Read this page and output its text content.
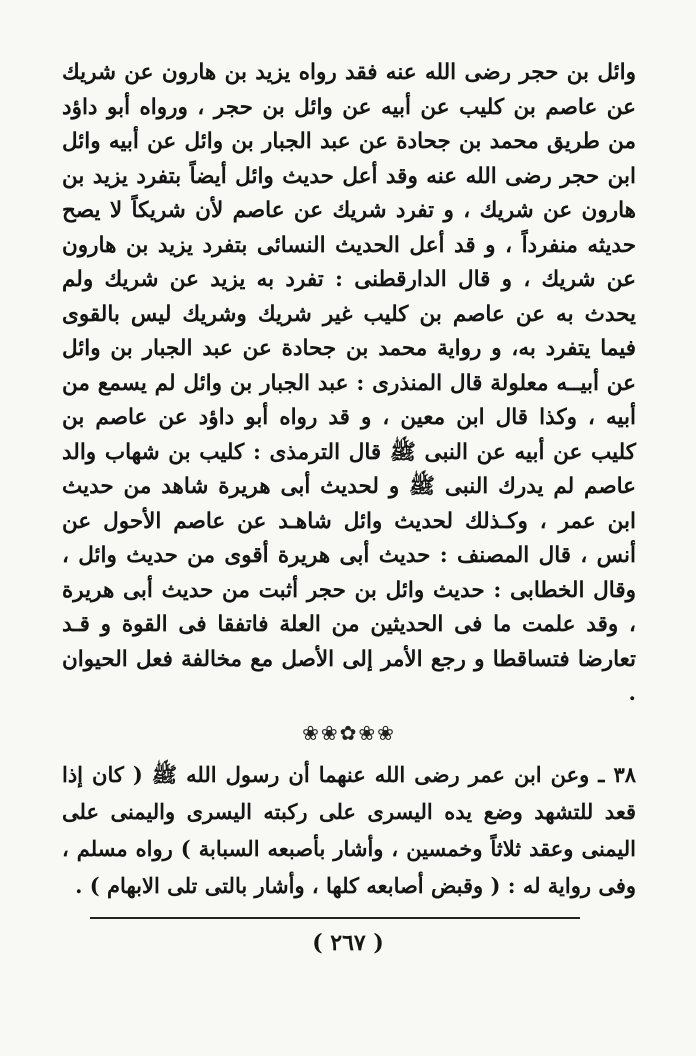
وائل بن حجر رضى الله عنه فقد رواه يزيد بن هارون عن شريك عن عاصم بن كليب عن أبيه عن وائل بن حجر ، ورواه أبو داؤد من طريق محمد بن جحادة عن عبد الجبار بن وائل عن أبيه وائل ابن حجر رضى الله عنه وقد أعل حديث وائل أيضاً بتفرد يزيد بن هارون عن شريك ، و تفرد شريك عن عاصم لأن شريكاً لا يصح حديثه منفرداً ، و قد أعل الحديث النسائى بتفرد يزيد بن هارون عن شريك ، و قال الدارقطنى : تفرد به يزيد عن شريك ولم يحدث به عن عاصم بن كليب غير شريك وشريك ليس بالقوى فيما يتفرد به، و رواية محمد بن جحادة عن عبد الجبار بن وائل عن أبيــه معلولة قال المنذرى : عبد الجبار بن وائل لم يسمع من أبيه ، وكذا قال ابن معين ، و قد رواه أبو داؤد عن عاصم بن كليب عن أبيه عن النبى ﷺ قال الترمذى : كليب بن شهاب والد عاصم لم يدرك النبى ﷺ و لحديث أبى هريرة شاهد من حديث ابن عمر ، وكـذلك لحديث وائل شاهـد عن عاصم الأحول عن أنس ، قال المصنف : حديث أبى هريرة أقوى من حديث وائل ، وقال الخطابى : حديث وائل بن حجر أثبت من حديث أبى هريرة ، وقد علمت ما فى الحديثين من العلة فاتفقا فى القوة و قـد تعارضا فتساقطا و رجع الأمر إلى الأصل مع مخالفة فعل الحيوان .

❀❀✿❀❀

٣٨ ـ وعن ابن عمر رضى الله عنهما أن رسول الله ﷺ ( كان إذا قعد للتشهد وضع يده اليسرى على ركبته اليسرى واليمنى على اليمنى وعقد ثلاثاً وخمسين ، وأشار بأصبعه السبابة ) رواه مسلم ، وفى رواية له : ( وقبض أصابعه كلها ، وأشار بالتى تلى الابهام ) .

( ٢٦٧ )
